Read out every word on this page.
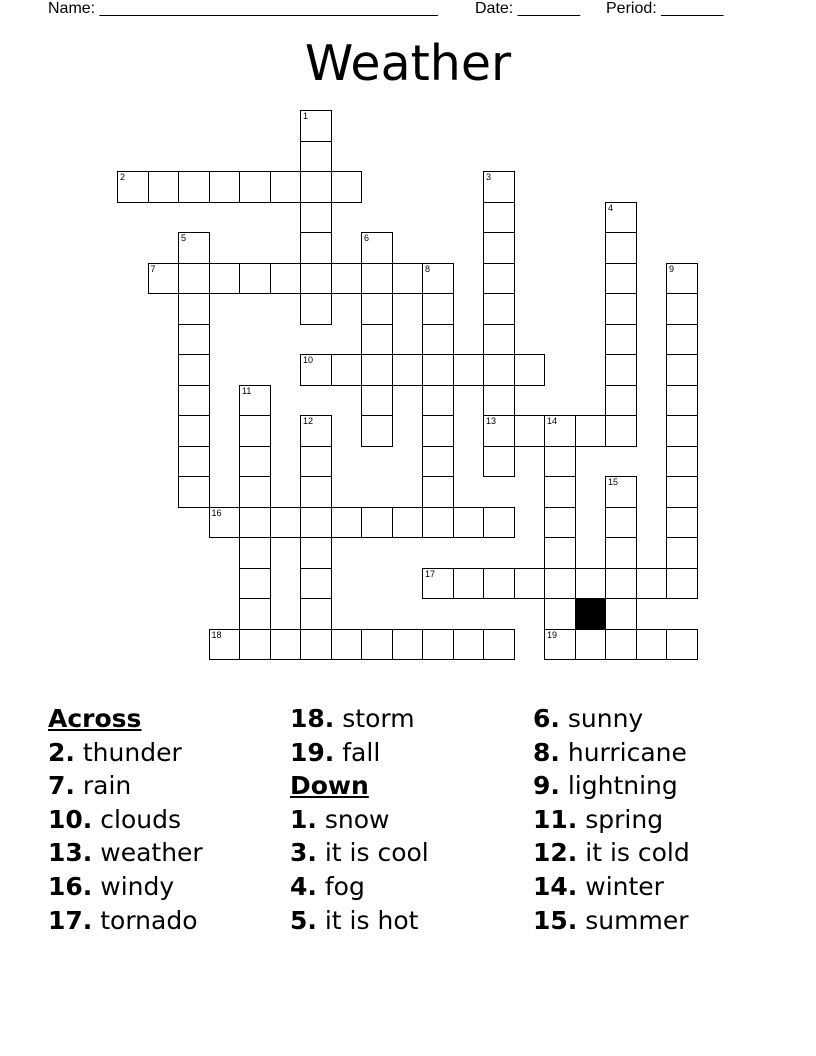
Name: ______________________________________ Date: _______ Period: _______
Weather
2
7
10
13	14
16
17
18	19
1
3
4
5	6
8	9
11
12
15
Across
2. thunder
7. rain
10. clouds
13. weather
16. windy
17. tornado
18. storm
19. fall
Down
1. snow
3. it is cool
4. fog
5. it is hot
6. sunny
8. hurricane
9. lightning
11. spring
12. it is cold
14. winter
15. summer
